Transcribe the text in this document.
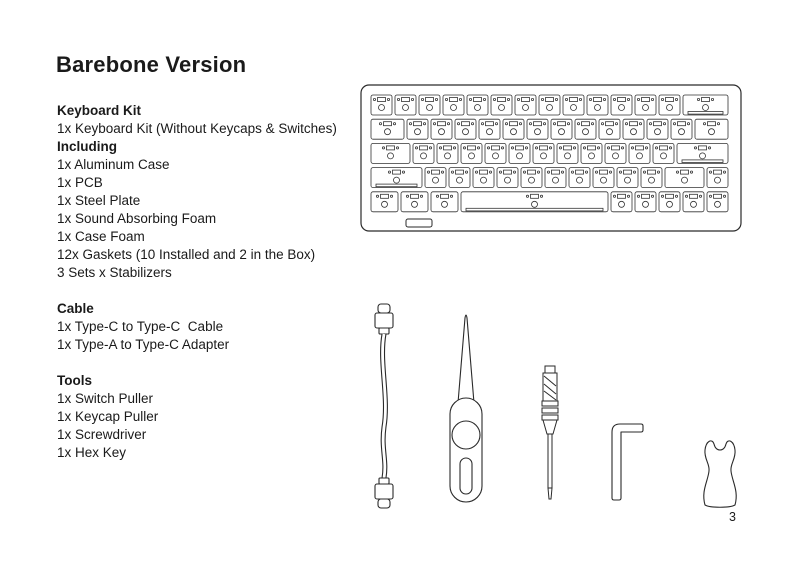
Barebone Version
Keyboard Kit
1x Keyboard Kit (Without Keycaps & Switches)
Including
1x Aluminum Case
1x PCB
1x Steel Plate
1x Sound Absorbing Foam
1x Case Foam
12x Gaskets (10 Installed and 2 in the Box)
3 Sets x Stabilizers
Cable
1x Type-C to Type-C  Cable
1x Type-A to Type-C Adapter
Tools
1x Switch Puller
1x Keycap Puller
1x Screwdriver
1x Hex Key
3
